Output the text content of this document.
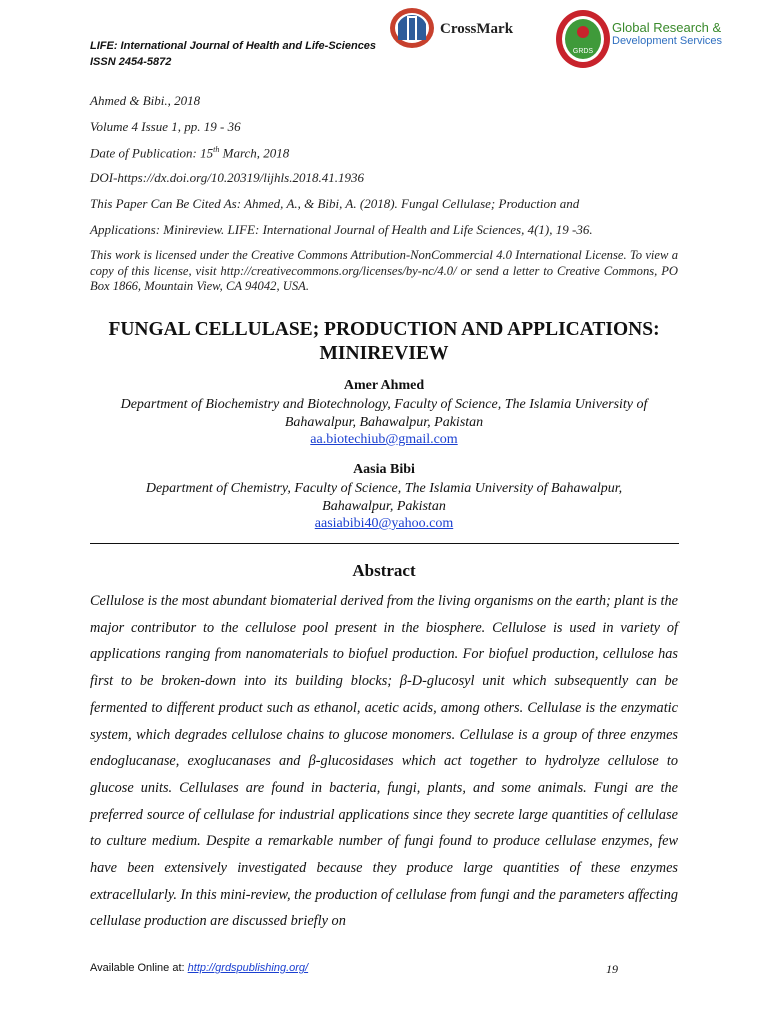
LIFE: International Journal of Health and Life-Sciences
ISSN 2454-5872
CrossMark
GRDS
Global Research &
Development Services
Ahmed & Bibi., 2018
Volume 4 Issue 1, pp. 19 - 36
Date of Publication: 15th March, 2018
DOI-https://dx.doi.org/10.20319/lijhls.2018.41.1936
This Paper Can Be Cited As: Ahmed, A., & Bibi, A. (2018). Fungal Cellulase; Production and
Applications: Minireview. LIFE: International Journal of Health and Life Sciences, 4(1), 19 -36.
This work is licensed under the Creative Commons Attribution-NonCommercial 4.0 International License. To view a copy of this license, visit http://creativecommons.org/licenses/by-nc/4.0/ or send a letter to Creative Commons, PO Box 1866, Mountain View, CA 94042, USA.
FUNGAL CELLULASE; PRODUCTION AND APPLICATIONS:
MINIREVIEW
Amer Ahmed
Department of Biochemistry and Biotechnology, Faculty of Science, The Islamia University of
Bahawalpur, Bahawalpur, Pakistan
aa.biotechiub@gmail.com
Aasia Bibi
Department of Chemistry, Faculty of Science, The Islamia University of Bahawalpur,
Bahawalpur, Pakistan
aasiabibi40@yahoo.com
Abstract
Cellulose is the most abundant biomaterial derived from the living organisms on the earth; plant is the major contributor to the cellulose pool present in the biosphere. Cellulose is used in variety of applications ranging from nanomaterials to biofuel production. For biofuel production, cellulose has first to be broken-down into its building blocks; β-D-glucosyl unit which subsequently can be fermented to different product such as ethanol, acetic acids, among others. Cellulase is the enzymatic system, which degrades cellulose chains to glucose monomers. Cellulase is a group of three enzymes endoglucanase, exoglucanases and β-glucosidases which act together to hydrolyze cellulose to glucose units. Cellulases are found in bacteria, fungi, plants, and some animals. Fungi are the preferred source of cellulase for industrial applications since they secrete large quantities of cellulase to culture medium. Despite a remarkable number of fungi found to produce cellulase enzymes, few have been extensively investigated because they produce large quantities of these enzymes extracellularly. In this mini-review, the production of cellulase from fungi and the parameters affecting cellulase production are discussed briefly on
Available Online at: http://grdspublishing.org/	19
